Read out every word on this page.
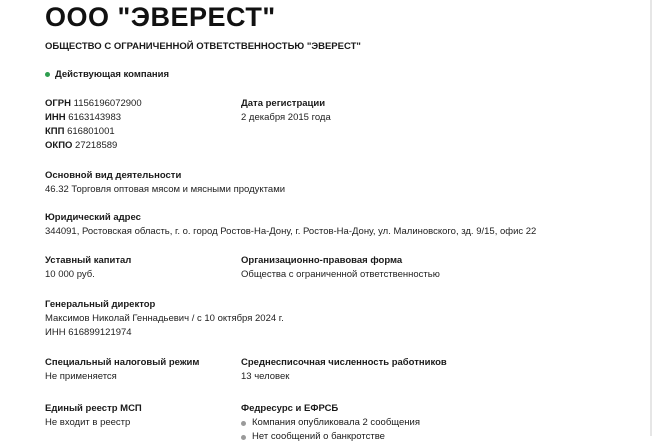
ООО "ЭВЕРЕСТ"
ОБЩЕСТВО С ОГРАНИЧЕННОЙ ОТВЕТСТВЕННОСТЬЮ "ЭВЕРЕСТ"
Действующая компания
ОГРН 1156196072900
ИНН 6163143983
КПП 616801001
ОКПО 27218589
Дата регистрации
2 декабря 2015 года
Основной вид деятельности
46.32 Торговля оптовая мясом и мясными продуктами
Юридический адрес
344091, Ростовская область, г. о. город Ростов-На-Дону, г. Ростов-На-Дону, ул. Малиновского, зд. 9/15, офис 22
Уставный капитал
10 000 руб.
Организационно-правовая форма
Общества с ограниченной ответственностью
Генеральный директор
Максимов Николай Геннадьевич / с 10 октября 2024 г.
ИНН 616899121974
Специальный налоговый режим
Не применяется
Среднесписочная численность работников
13 человек
Единый реестр МСП
Не входит в реестр
Федресурс и ЕФРСБ
Компания опубликовала 2 сообщения
Нет сообщений о банкротстве
